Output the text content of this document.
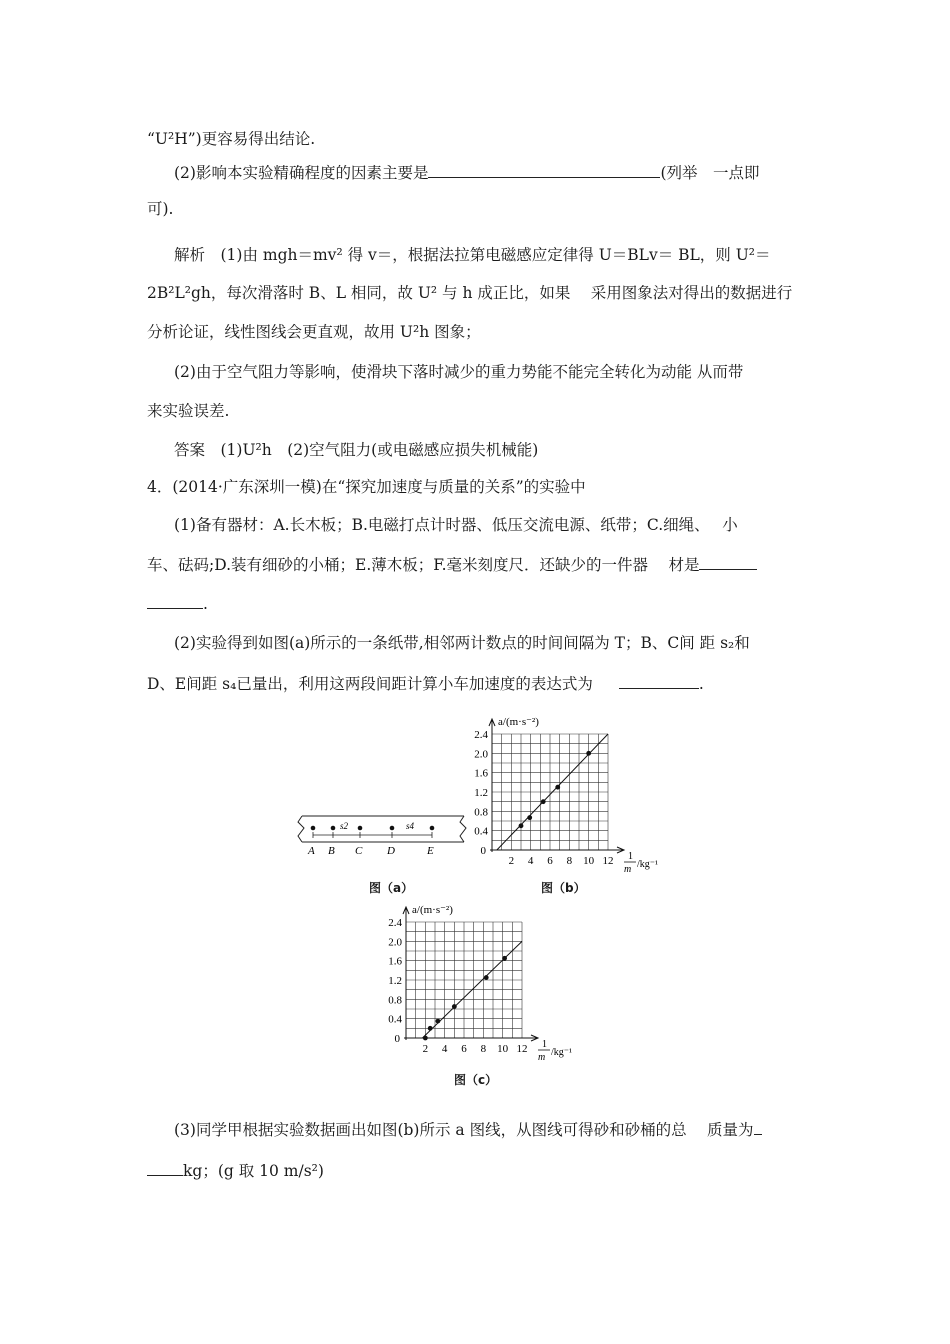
“U²H”)更容易得出结论.
(2)影响本实验精确程度的因素主要是	(列举　一点即
可).
解析　(1)由 mgh＝mv² 得 v＝，根据法拉第电磁感应定律得 U＝BLv＝ BL，则 U²＝
2B²L²gh，每次滑落时 B、L 相同，故 U² 与 h 成正比，如果　 采用图象法对得出的数据进行
分析论证，线性图线会更直观，故用 U²h 图象；
(2)由于空气阻力等影响，使滑块下落时减少的重力势能不能完全转化为动能 从而带
来实验误差.
答案　(1)U²h　(2)空气阻力(或电磁感应损失机械能)
4．(2014·广东深圳一模)在“探究加速度与质量的关系”的实验中
(1)备有器材：A.长木板；B.电磁打点计时器、低压交流电源、纸带；C.细绳、　 小
车、砝码;D.装有细砂的小桶；E.薄木板；F.毫米刻度尺．还缺少的一件器　 材是
.
(2)实验得到如图(a)所示的一条纸带,相邻两计数点的时间间隔为 T；B、C间 距 s₂和
D、E间距 s₄已量出，利用这两段间距计算小车加速度的表达式为	.
(3)同学甲根据实验数据画出如图(b)所示 a 图线，从图线可得砂和砂桶的总　 质量为
kg；(g 取 10 m/s²)
s2	s4
A B C D	E
图（a）
0.4
0.8
1.2
1.6
2.0
2.4
0
2 4 6 8 10 12
a/(m·s⁻²)
1
m /kg⁻¹
图（b）
0.4
0.8
1.2
1.6
2.0
2.4
0
2 4 6 8 10 12
a/(m·s⁻²)
1
m /kg⁻¹
图（c）
